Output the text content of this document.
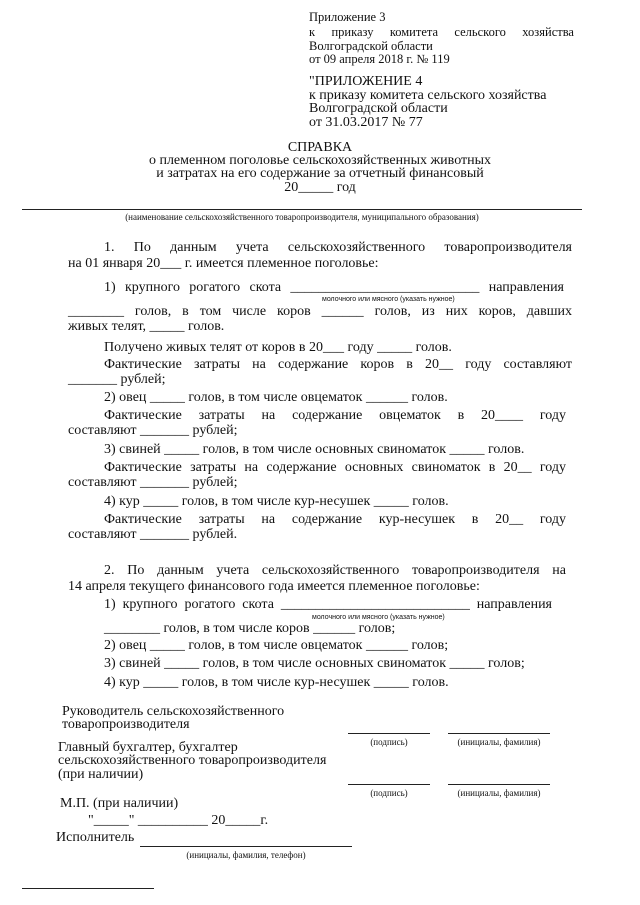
Приложение 3
к приказу комитета сельского хозяйства
Волгоградской области
от 09 апреля 2018 г. № 119
"ПРИЛОЖЕНИЕ 4
к приказу комитета сельского хозяйства
Волгоградской области
от 31.03.2017 № 77
СПРАВКА
о племенном поголовье сельскохозяйственных животных
и затратах на его содержание за отчетный финансовый
20_____ год
(наименование сельскохозяйственного товаропроизводителя, муниципального образования)
1. По данным учета сельскохозяйственного товаропроизводителя
на 01 января 20___ г. имеется племенное поголовье:
1) крупного рогатого скота ___________________________ направления
молочного или мясного (указать нужное)
________ голов, в том числе коров ______ голов, из них коров, давших
живых телят, _____ голов.
Получено живых телят от коров в 20___ году _____ голов.
Фактические затраты на содержание коров в 20__ году составляют
_______ рублей;
2) овец _____ голов, в том числе овцематок ______ голов.
Фактические затраты на содержание овцематок в 20____ году
составляют _______ рублей;
3) свиней _____ голов, в том числе основных свиноматок _____ голов.
Фактические затраты на содержание основных свиноматок в 20__ году
составляют _______ рублей;
4) кур _____ голов, в том числе кур-несушек _____ голов.
Фактические затраты на содержание кур-несушек в 20__ году
составляют _______ рублей.
2. По данным учета сельскохозяйственного товаропроизводителя на
14 апреля текущего финансового года имеется племенное поголовье:
1) крупного рогатого скота ___________________________ направления
молочного или мясного (указать нужное)
________ голов, в том числе коров ______ голов;
2) овец _____ голов, в том числе овцематок ______ голов;
3) свиней _____ голов, в том числе основных свиноматок _____ голов;
4) кур _____ голов, в том числе кур-несушек _____ голов.
Руководитель сельскохозяйственного
товаропроизводителя
(подпись)	(инициалы, фамилия)
Главный бухгалтер, бухгалтер
сельскохозяйственного товаропроизводителя
(при наличии)
(подпись)	(инициалы, фамилия)
М.П. (при наличии)
"_____" __________ 20_____г.
Исполнитель
(инициалы, фамилия, телефон)
